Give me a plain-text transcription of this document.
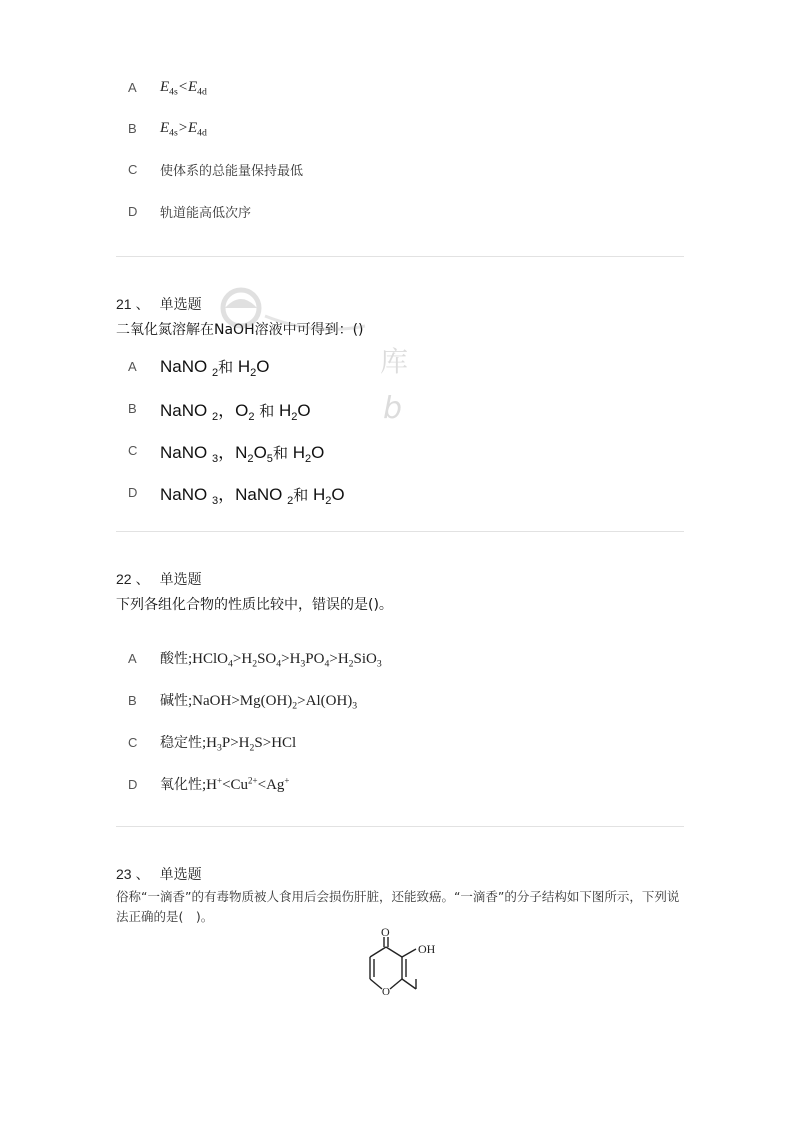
A	$E_{4s}<E_{4d}$
B	$E_{4s}>E_{4d}$
C	使体系的总能量保持最低
D	轨道能高低次序
21 、 单选题
二氧化氮溶解在NaOH溶液中可得到：()
A	NaNO $_2$和 $H_2O$
B	NaNO $_2$，$O_2$ 和 $H_2O$
C	NaNO $_3$，$N_2O_5$和 $H_2O$
D	NaNO $_3$，NaNO $_2$和 $H_2O$
库
b
22 、 单选题
下列各组化合物的性质比较中，错误的是()。
A	酸性$;HClO_4>H_2SO_4>H_3PO_4>H_2SiO_3$
B	碱性$;NaOH>Mg(OH)_2>Al(OH)_3$
C	稳定性$;H_3P>H_2S>HCl$
D	氧化性$;H^+<Cu^{2+}<Ag^+$
23 、 单选题
俗称“一滴香”的有毒物质被人食用后会损伤肝脏，还能致癌。“一滴香”的分子结构如下图所示，下列说法正确的是(　)。
O
OH
O
